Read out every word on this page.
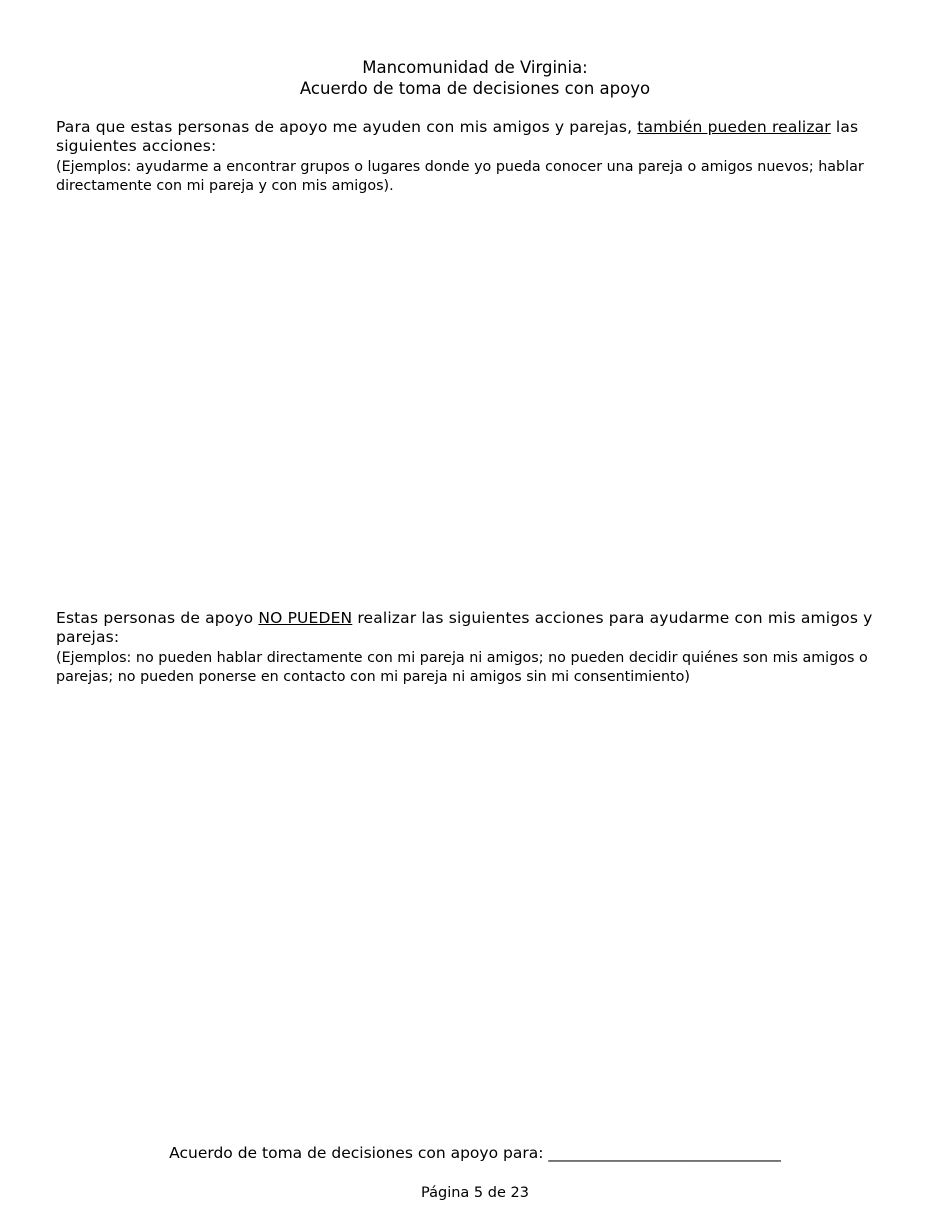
Mancomunidad de Virginia:
Acuerdo de toma de decisiones con apoyo

Para que estas personas de apoyo me ayuden con mis amigos y parejas, también pueden realizar las siguientes acciones:

(Ejemplos: ayudarme a encontrar grupos o lugares donde yo pueda conocer una pareja o amigos nuevos; hablar directamente con mi pareja y con mis amigos).

Estas personas de apoyo NO PUEDEN realizar las siguientes acciones para ayudarme con mis amigos y parejas:

(Ejemplos: no pueden hablar directamente con mi pareja ni amigos; no pueden decidir quiénes son mis amigos o parejas; no pueden ponerse en contacto con mi pareja ni amigos sin mi consentimiento)

Acuerdo de toma de decisiones con apoyo para: ______________________________
Página 5 de 23
